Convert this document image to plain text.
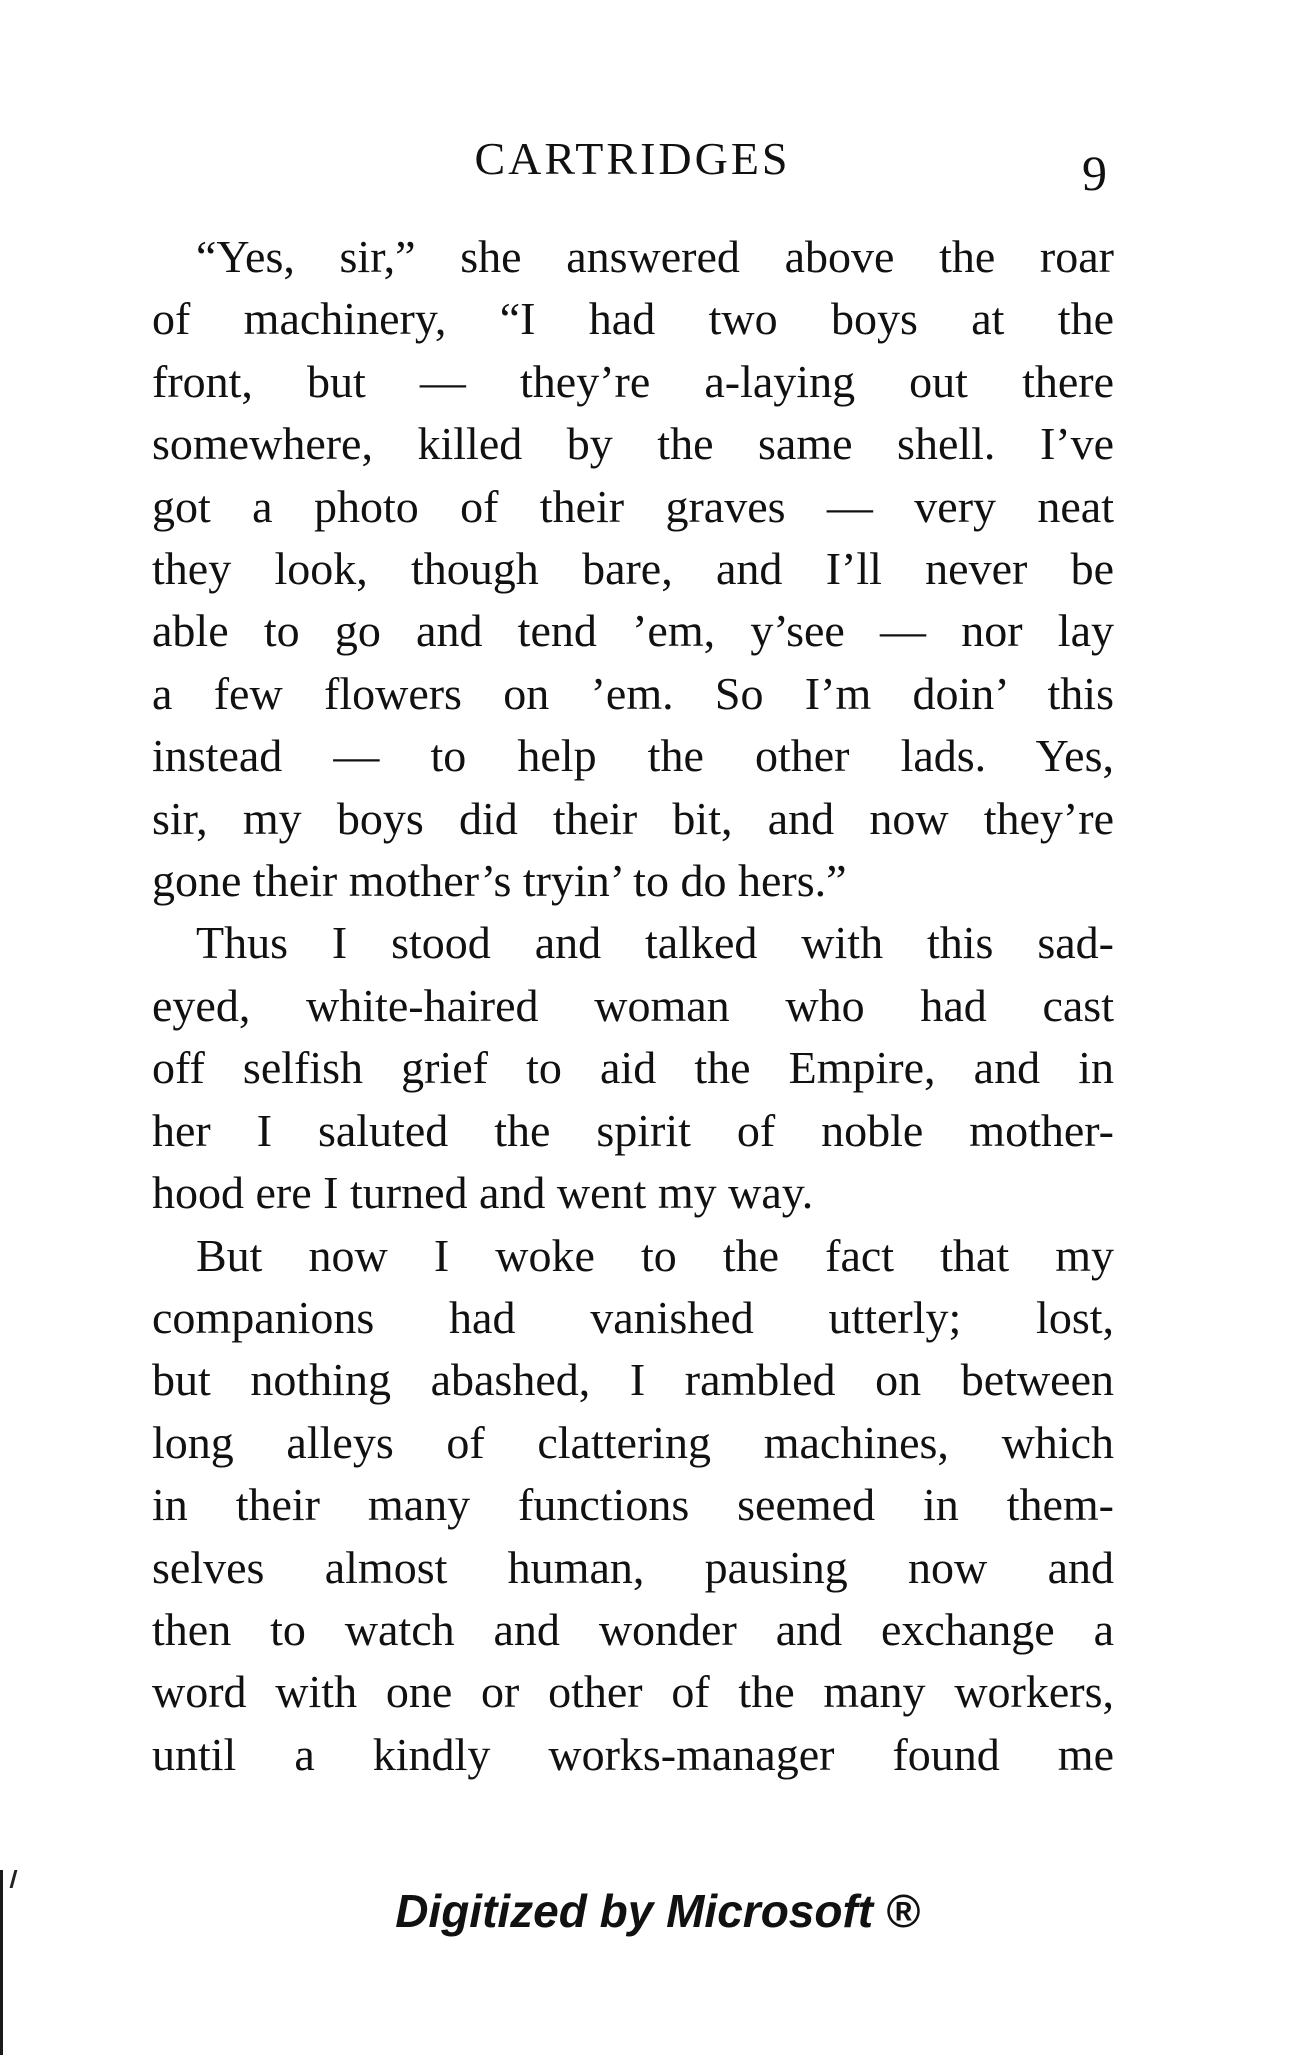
CARTRIDGES	9

“Yes, sir,” she answered above the roar
of machinery, “I had two boys at the
front, but — they’re a-laying out there
somewhere, killed by the same shell. I’ve
got a photo of their graves — very neat
they look, though bare, and I’ll never be
able to go and tend ’em, y’see — nor lay
a few flowers on ’em. So I’m doin’ this
instead — to help the other lads. Yes,
sir, my boys did their bit, and now they’re
gone their mother’s tryin’ to do hers.”

Thus I stood and talked with this sad-
eyed, white-haired woman who had cast
off selfish grief to aid the Empire, and in
her I saluted the spirit of noble mother-
hood ere I turned and went my way.

But now I woke to the fact that my
companions had vanished utterly; lost,
but nothing abashed, I rambled on between
long alleys of clattering machines, which
in their many functions seemed in them-
selves almost human, pausing now and
then to watch and wonder and exchange a
word with one or other of the many workers,
until a kindly works-manager found me

Digitized by Microsoft ®
